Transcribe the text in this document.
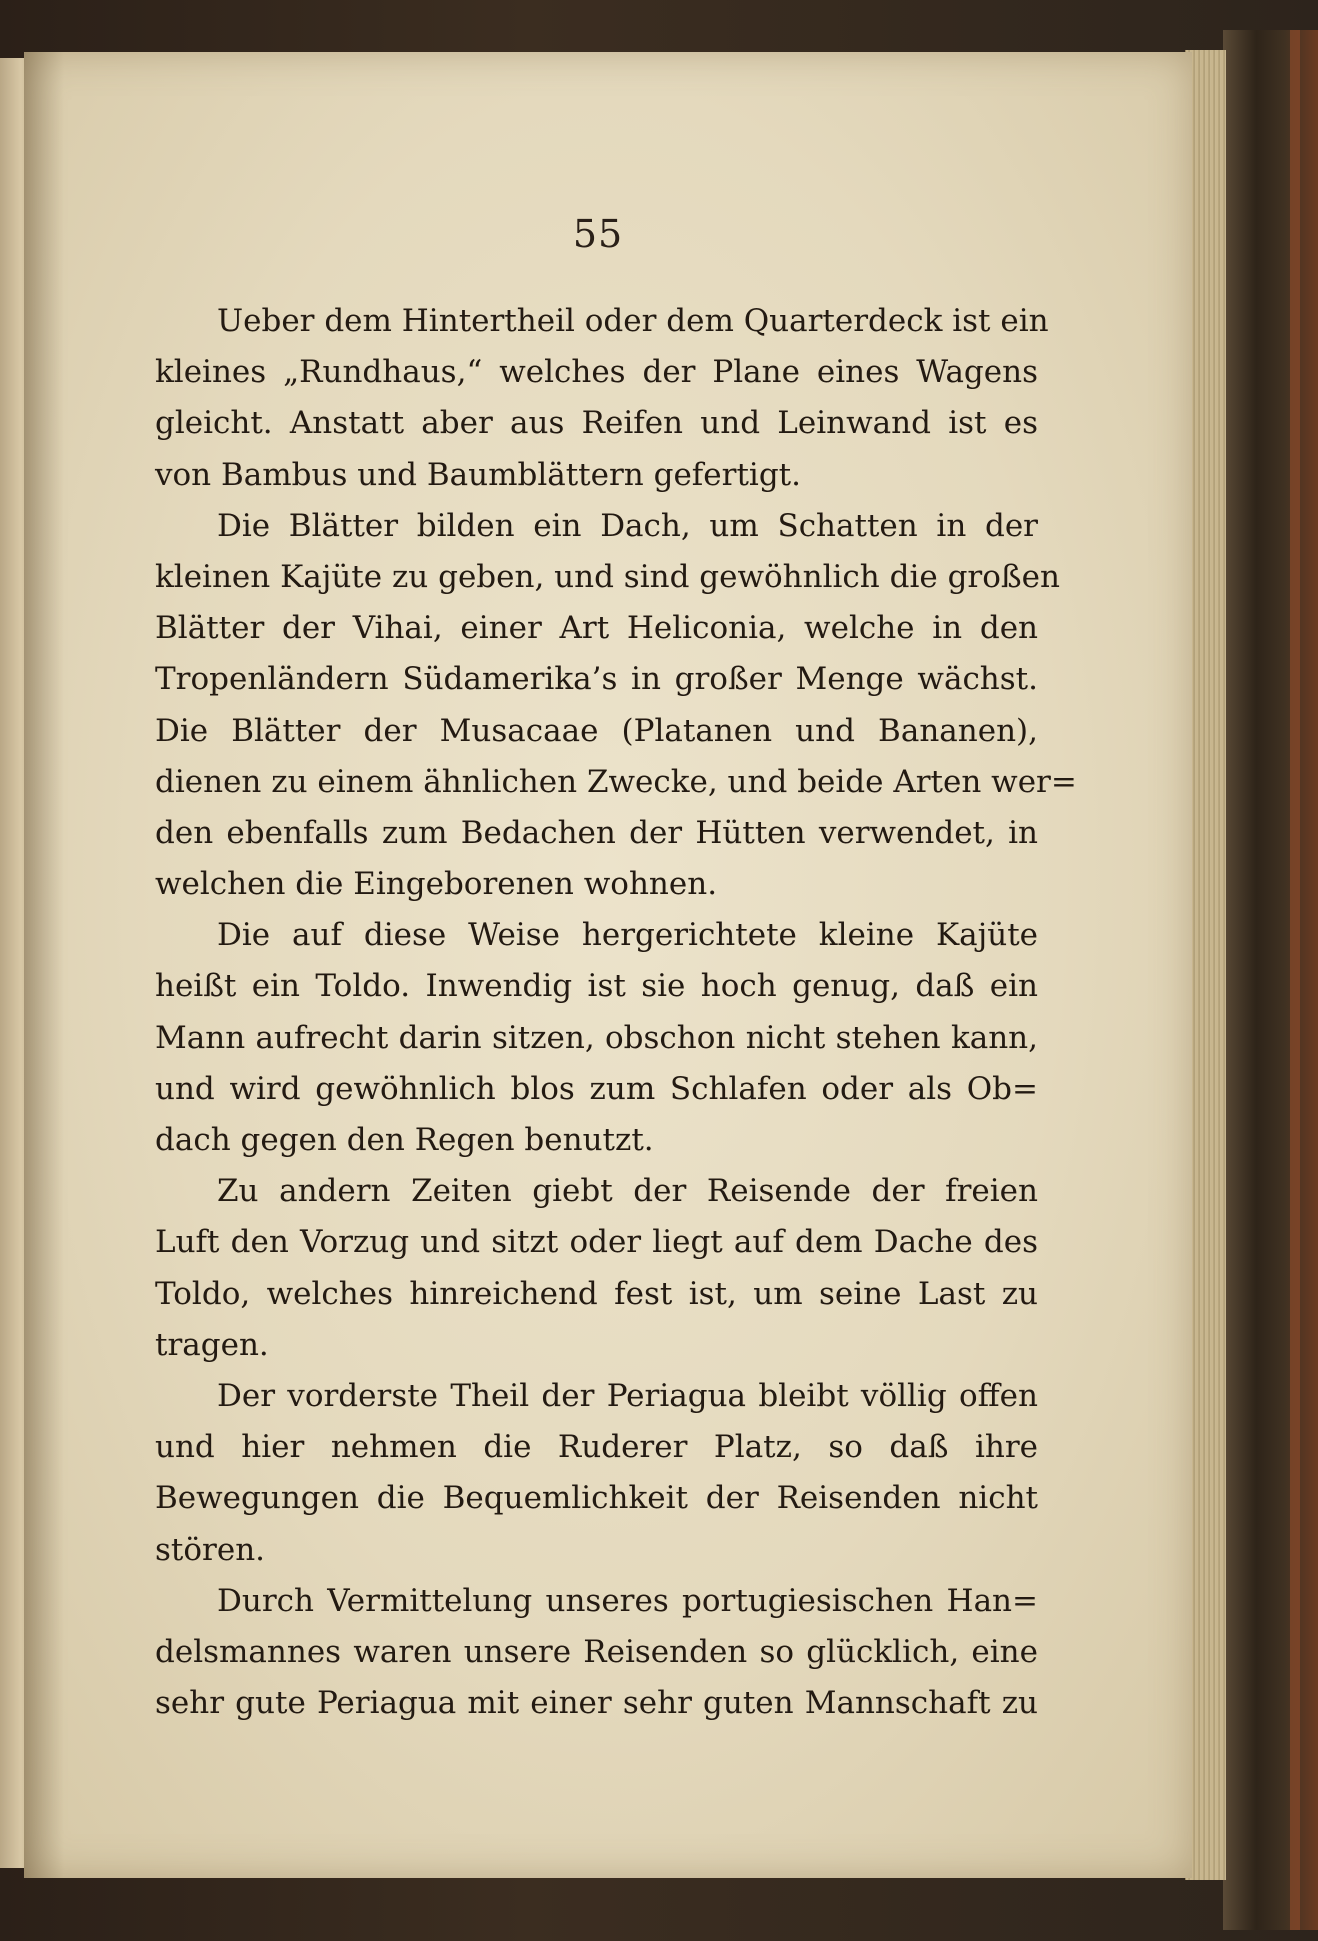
55
Ueber dem Hintertheil oder dem Quarterdeck ist ein
kleines „Rundhaus,“ welches der Plane eines Wagens
gleicht. Anstatt aber aus Reifen und Leinwand ist es
von Bambus und Baumblättern gefertigt.
Die Blätter bilden ein Dach, um Schatten in der
kleinen Kajüte zu geben, und sind gewöhnlich die großen
Blätter der Vihai, einer Art Heliconia, welche in den
Tropenländern Südamerika’s in großer Menge wächst.
Die Blätter der Musacaae (Platanen und Bananen),
dienen zu einem ähnlichen Zwecke, und beide Arten wer=
den ebenfalls zum Bedachen der Hütten verwendet, in
welchen die Eingeborenen wohnen.
Die auf diese Weise hergerichtete kleine Kajüte
heißt ein Toldo. Inwendig ist sie hoch genug, daß ein
Mann aufrecht darin sitzen, obschon nicht stehen kann,
und wird gewöhnlich blos zum Schlafen oder als Ob=
dach gegen den Regen benutzt.
Zu andern Zeiten giebt der Reisende der freien
Luft den Vorzug und sitzt oder liegt auf dem Dache des
Toldo, welches hinreichend fest ist, um seine Last zu
tragen.
Der vorderste Theil der Periagua bleibt völlig offen
und hier nehmen die Ruderer Platz, so daß ihre
Bewegungen die Bequemlichkeit der Reisenden nicht
stören.
Durch Vermittelung unseres portugiesischen Han=
delsmannes waren unsere Reisenden so glücklich, eine
sehr gute Periagua mit einer sehr guten Mannschaft zu
